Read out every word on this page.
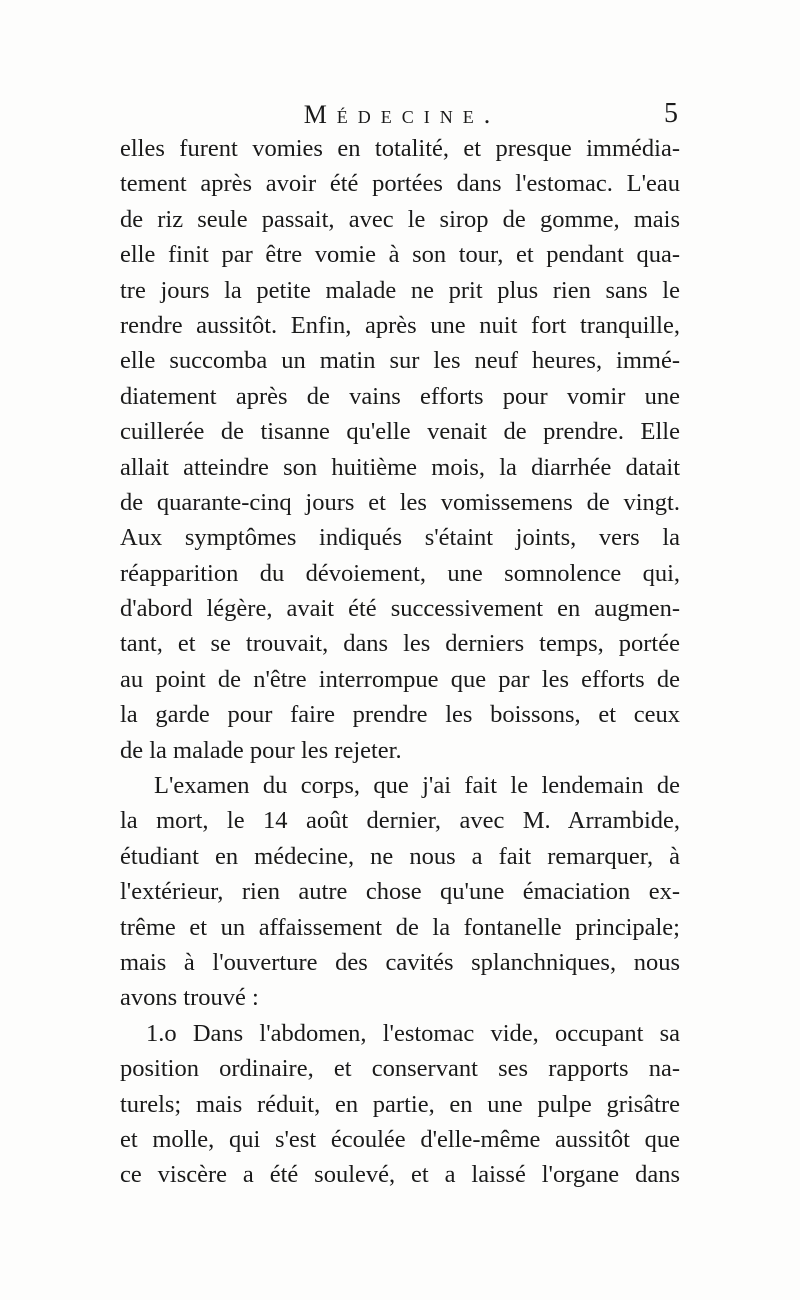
Médecine.	5
elles furent vomies en totalité, et presque immédia-
tement après avoir été portées dans l'estomac. L'eau
de riz seule passait, avec le sirop de gomme, mais
elle finit par être vomie à son tour, et pendant qua-
tre jours la petite malade ne prit plus rien sans le
rendre aussitôt. Enfin, après une nuit fort tranquille,
elle succomba un matin sur les neuf heures, immé-
diatement après de vains efforts pour vomir une
cuillerée de tisanne qu'elle venait de prendre. Elle
allait atteindre son huitième mois, la diarrhée datait
de quarante-cinq jours et les vomissemens de vingt.
Aux symptômes indiqués s'étaint joints, vers la
réapparition du dévoiement, une somnolence qui,
d'abord légère, avait été successivement en augmen-
tant, et se trouvait, dans les derniers temps, portée
au point de n'être interrompue que par les efforts de
la garde pour faire prendre les boissons, et ceux
de la malade pour les rejeter.
L'examen du corps, que j'ai fait le lendemain de
la mort, le 14 août dernier, avec M. Arrambide,
étudiant en médecine, ne nous a fait remarquer, à
l'extérieur, rien autre chose qu'une émaciation ex-
trême et un affaissement de la fontanelle principale;
mais à l'ouverture des cavités splanchniques, nous
avons trouvé :
1.o Dans l'abdomen, l'estomac vide, occupant sa
position ordinaire, et conservant ses rapports na-
turels; mais réduit, en partie, en une pulpe grisâtre
et molle, qui s'est écoulée d'elle-même aussitôt que
ce viscère a été soulevé, et a laissé l'organe dans
